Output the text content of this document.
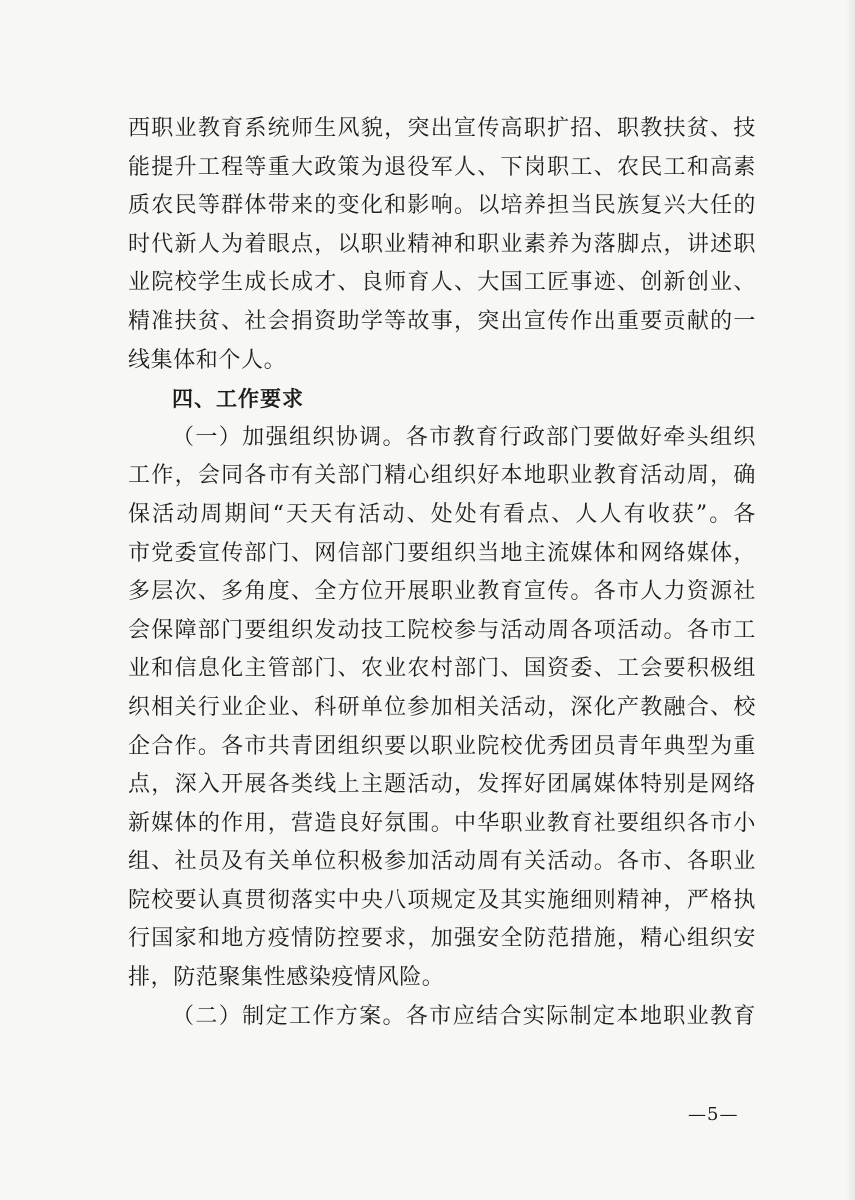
西职业教育系统师生风貌，突出宣传高职扩招、职教扶贫、技
能提升工程等重大政策为退役军人、下岗职工、农民工和高素
质农民等群体带来的变化和影响。以培养担当民族复兴大任的
时代新人为着眼点，以职业精神和职业素养为落脚点，讲述职
业院校学生成长成才、良师育人、大国工匠事迹、创新创业、
精准扶贫、社会捐资助学等故事，突出宣传作出重要贡献的一
线集体和个人。
四、工作要求
（一）加强组织协调。各市教育行政部门要做好牵头组织
工作，会同各市有关部门精心组织好本地职业教育活动周，确
保活动周期间“天天有活动、处处有看点、人人有收获”。各
市党委宣传部门、网信部门要组织当地主流媒体和网络媒体，
多层次、多角度、全方位开展职业教育宣传。各市人力资源社
会保障部门要组织发动技工院校参与活动周各项活动。各市工
业和信息化主管部门、农业农村部门、国资委、工会要积极组
织相关行业企业、科研单位参加相关活动，深化产教融合、校
企合作。各市共青团组织要以职业院校优秀团员青年典型为重
点，深入开展各类线上主题活动，发挥好团属媒体特别是网络
新媒体的作用，营造良好氛围。中华职业教育社要组织各市小
组、社员及有关单位积极参加活动周有关活动。各市、各职业
院校要认真贯彻落实中央八项规定及其实施细则精神，严格执
行国家和地方疫情防控要求，加强安全防范措施，精心组织安
排，防范聚集性感染疫情风险。
（二）制定工作方案。各市应结合实际制定本地职业教育
—5—
